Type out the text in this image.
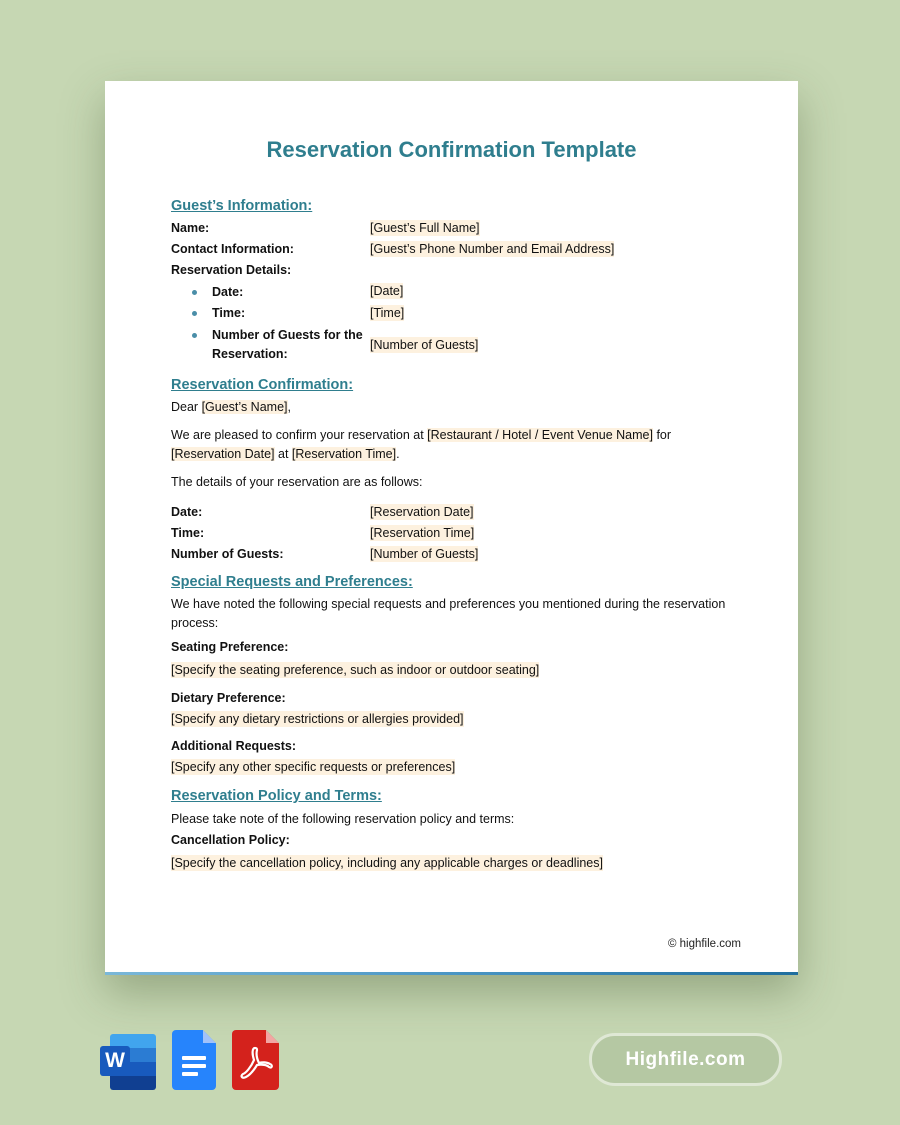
Reservation Confirmation Template
Guest’s Information:
Name:	[Guest’s Full Name]
Contact Information:	[Guest’s Phone Number and Email Address]
Reservation Details:
Date:	[Date]
Time:	[Time]
Number of Guests for the
Reservation:
[Number of Guests]
Reservation Confirmation:
Dear [Guest’s Name],
We are pleased to confirm your reservation at [Restaurant / Hotel / Event Venue Name] for
[Reservation Date] at [Reservation Time].
The details of your reservation are as follows:
Date:	[Reservation Date]
Time:	[Reservation Time]
Number of Guests:	[Number of Guests]
Special Requests and Preferences:
We have noted the following special requests and preferences you mentioned during the reservation process:
Seating Preference:
[Specify the seating preference, such as indoor or outdoor seating]
Dietary Preference:
[Specify any dietary restrictions or allergies provided]
Additional Requests:
[Specify any other specific requests or preferences]
Reservation Policy and Terms:
Please take note of the following reservation policy and terms:
Cancellation Policy:
[Specify the cancellation policy, including any applicable charges or deadlines]
© highfile.com
W	Highfile.com
